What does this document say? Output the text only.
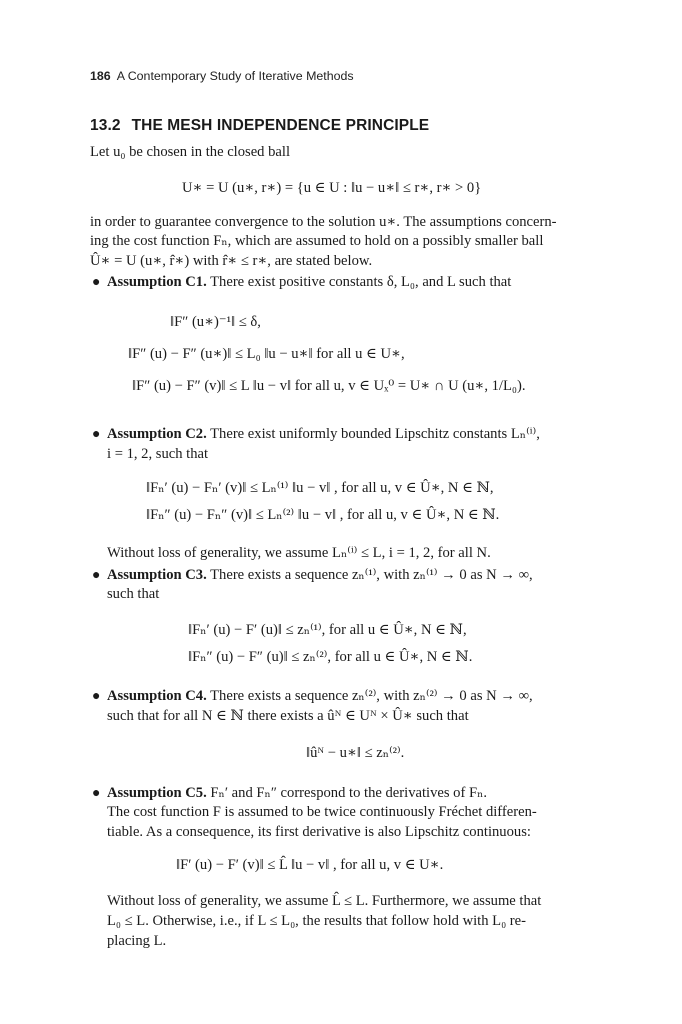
186 A Contemporary Study of Iterative Methods
13.2 THE MESH INDEPENDENCE PRINCIPLE
Let u₀ be chosen in the closed ball
U∗ = U (u∗, r∗) = {u ∈ U : ‖u − u∗‖ ≤ r∗, r∗ > 0}
in order to guarantee convergence to the solution u∗. The assumptions concern-
ing the cost function Fₙ, which are assumed to hold on a possibly smaller ball
Û∗ = U (u∗, r̂∗) with r̂∗ ≤ r∗, are stated below.
● Assumption C1. There exist positive constants δ, L₀, and L such that
‖F″ (u∗)⁻¹‖ ≤ δ,
‖F″ (u) − F″ (u∗)‖ ≤ L₀ ‖u − u∗‖ for all u ∈ U∗,
‖F″ (u) − F″ (v)‖ ≤ L ‖u − v‖ for all u, v ∈ Uₓ⁰ = U∗ ∩ U (u∗, 1/L₀).
● Assumption C2. There exist uniformly bounded Lipschitz constants Lₙ⁽ⁱ⁾,
i = 1, 2, such that
‖Fₙ′ (u) − Fₙ′ (v)‖ ≤ Lₙ⁽¹⁾ ‖u − v‖ , for all u, v ∈ Û∗, N ∈ ℕ,
‖Fₙ″ (u) − Fₙ″ (v)‖ ≤ Lₙ⁽²⁾ ‖u − v‖ , for all u, v ∈ Û∗, N ∈ ℕ.
Without loss of generality, we assume Lₙ⁽ⁱ⁾ ≤ L, i = 1, 2, for all N.
● Assumption C3. There exists a sequence zₙ⁽¹⁾, with zₙ⁽¹⁾ → 0 as N → ∞,
such that
‖Fₙ′ (u) − F′ (u)‖ ≤ zₙ⁽¹⁾, for all u ∈ Û∗, N ∈ ℕ,
‖Fₙ″ (u) − F″ (u)‖ ≤ zₙ⁽²⁾, for all u ∈ Û∗, N ∈ ℕ.
● Assumption C4. There exists a sequence zₙ⁽²⁾, with zₙ⁽²⁾ → 0 as N → ∞,
such that for all N ∈ ℕ there exists a ûᴺ ∈ Uᴺ × Û∗ such that
‖ûᴺ − u∗‖ ≤ zₙ⁽²⁾.
● Assumption C5. Fₙ′ and Fₙ″ correspond to the derivatives of Fₙ.
The cost function F is assumed to be twice continuously Fréchet differen-
tiable. As a consequence, its first derivative is also Lipschitz continuous:
‖F′ (u) − F′ (v)‖ ≤ L̂ ‖u − v‖ , for all u, v ∈ U∗.
Without loss of generality, we assume L̂ ≤ L. Furthermore, we assume that
L₀ ≤ L. Otherwise, i.e., if L ≤ L₀, the results that follow hold with L₀ re-
placing L.
